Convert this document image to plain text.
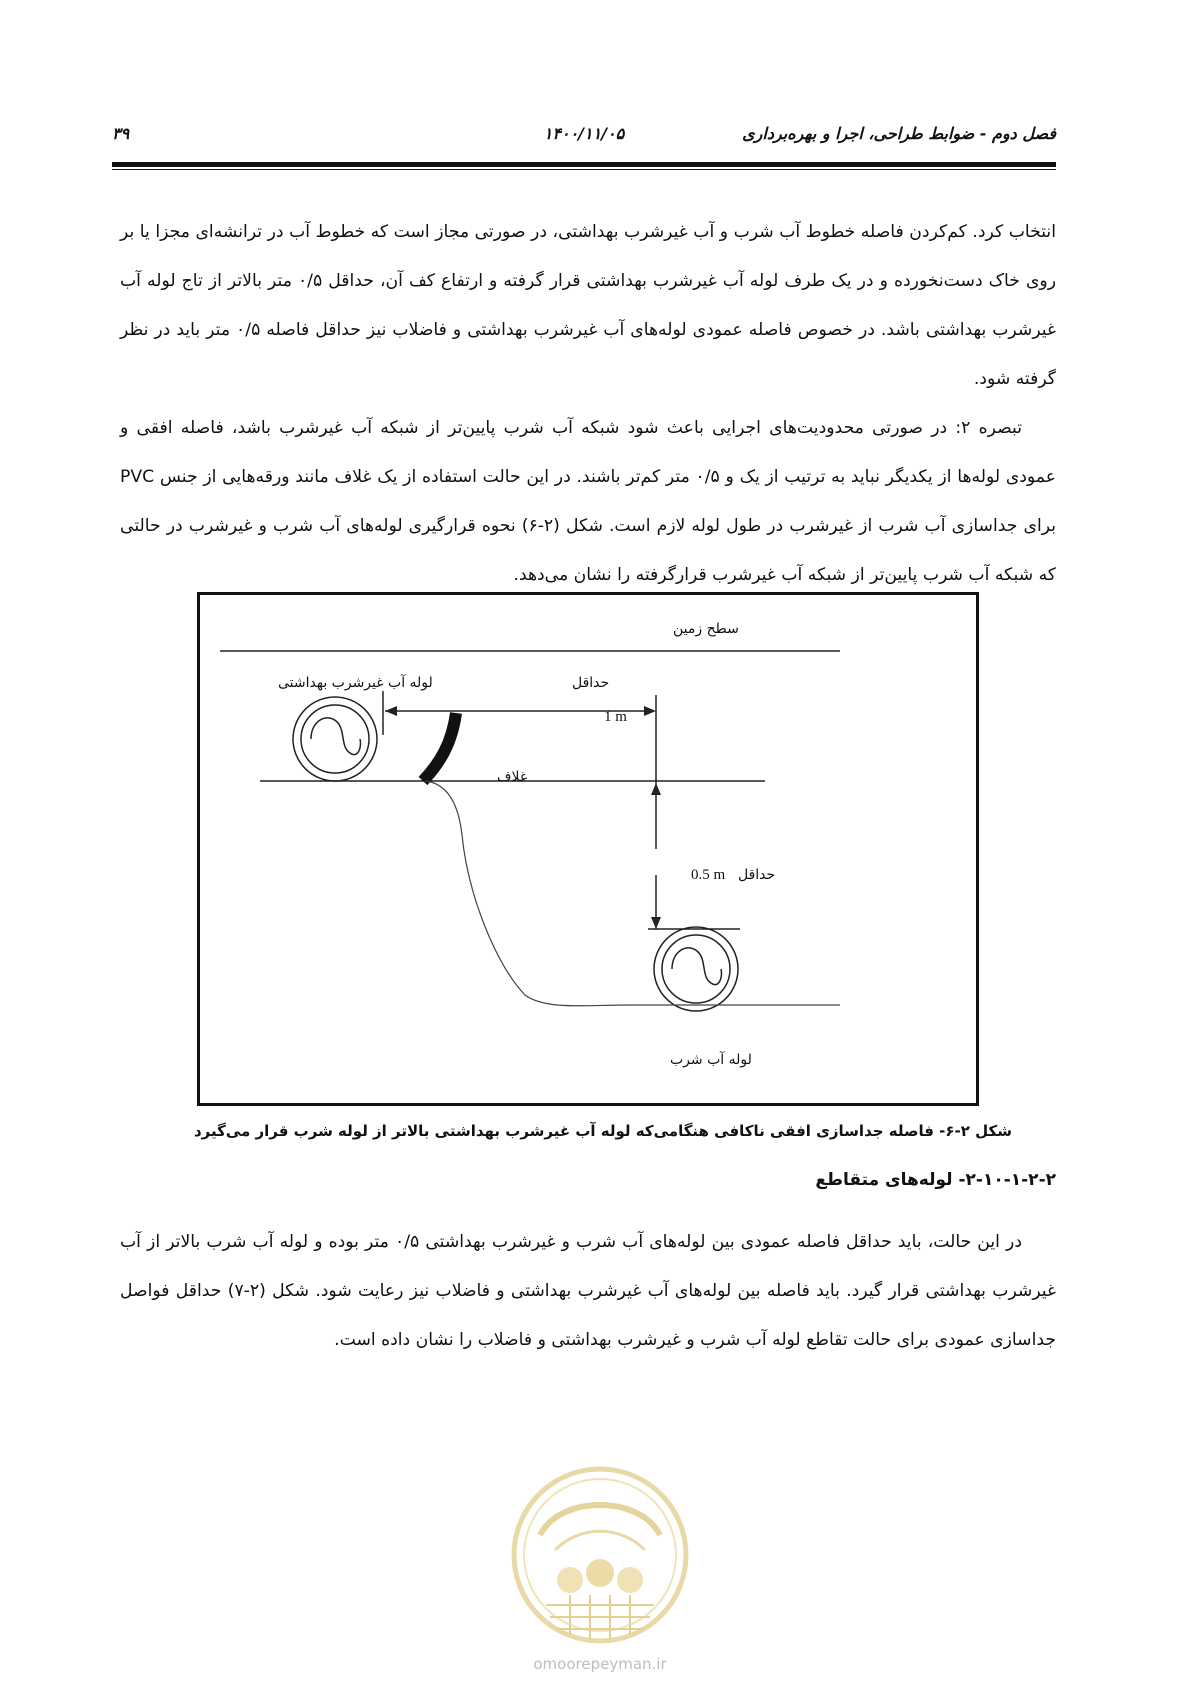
فصل دوم - ضوابط طراحی، اجرا و بهره‌برداری
۱۴۰۰/۱۱/۰۵
۳۹

انتخاب کرد. کم‌کردن فاصله خطوط آب شرب و آب غیرشرب بهداشتی، در صورتی مجاز است که خطوط آب در ترانشه‌ای مجزا یا بر روی خاک دست‌نخورده و در یک طرف لوله آب غیرشرب بهداشتی قرار گرفته و ارتفاع کف آن، حداقل ۰/۵ متر بالاتر از تاج لوله آب غیرشرب بهداشتی باشد. در خصوص فاصله عمودی لوله‌های آب غیرشرب بهداشتی و فاضلاب نیز حداقل فاصله ۰/۵ متر باید در نظر گرفته شود.

تبصره ۲: در صورتی محدودیت‌های اجرایی باعث شود شبکه آب شرب پایین‌تر از شبکه آب غیرشرب باشد، فاصله افقی و عمودی لوله‌ها از یکدیگر نباید به ترتیب از یک و ۰/۵ متر کم‌تر باشند. در این حالت استفاده از یک غلاف مانند ورقه‌هایی از جنس PVC برای جداسازی آب شرب از غیرشرب در طول لوله لازم است. شکل (۲-۶) نحوه قرارگیری لوله‌های آب شرب و غیرشرب در حالتی که شبکه آب شرب پایین‌تر از شبکه آب غیرشرب قرارگرفته را نشان می‌دهد.

سطح زمین
لوله آب غیرشرب بهداشتی	حداقل
1 m
غلاف
0.5 m حداقل
لوله آب شرب
شکل ۲-۶- فاصله جداسازی افقی ناکافی هنگامی‌که لوله آب غیرشرب بهداشتی بالاتر از لوله شرب قرار می‌گیرد
۲-۱۰-۱-۲-۲- لوله‌های متقاطع

در این حالت، باید حداقل فاصله عمودی بین لوله‌های آب شرب و غیرشرب بهداشتی ۰/۵ متر بوده و لوله آب شرب بالاتر از آب غیرشرب بهداشتی قرار گیرد. باید فاصله بین لوله‌های آب غیرشرب بهداشتی و فاضلاب نیز رعایت شود. شکل (۲-۷) حداقل فواصل جداسازی عمودی برای حالت تقاطع لوله آب شرب و غیرشرب بهداشتی و فاضلاب را نشان داده است.

omoorepeyman.ir
